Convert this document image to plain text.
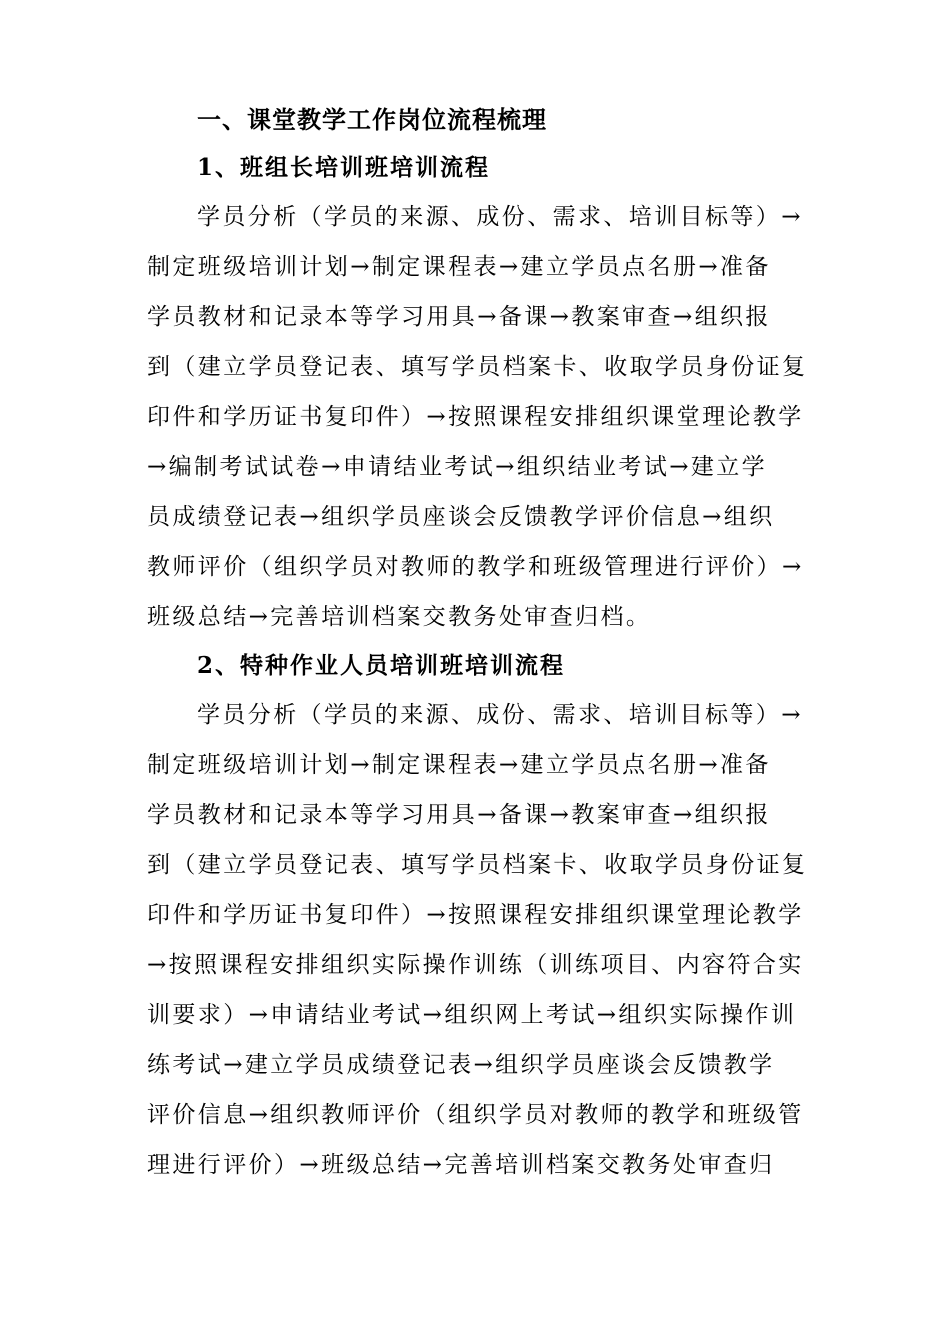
一、课堂教学工作岗位流程梳理
1、班组长培训班培训流程
学员分析（学员的来源、成份、需求、培训目标等）→
制定班级培训计划→制定课程表→建立学员点名册→准备
学员教材和记录本等学习用具→备课→教案审查→组织报
到（建立学员登记表、填写学员档案卡、收取学员身份证复
印件和学历证书复印件）→按照课程安排组织课堂理论教学
→编制考试试卷→申请结业考试→组织结业考试→建立学
员成绩登记表→组织学员座谈会反馈教学评价信息→组织
教师评价（组织学员对教师的教学和班级管理进行评价）→
班级总结→完善培训档案交教务处审查归档。
2、特种作业人员培训班培训流程
学员分析（学员的来源、成份、需求、培训目标等）→
制定班级培训计划→制定课程表→建立学员点名册→准备
学员教材和记录本等学习用具→备课→教案审查→组织报
到（建立学员登记表、填写学员档案卡、收取学员身份证复
印件和学历证书复印件）→按照课程安排组织课堂理论教学
→按照课程安排组织实际操作训练（训练项目、内容符合实
训要求）→申请结业考试→组织网上考试→组织实际操作训
练考试→建立学员成绩登记表→组织学员座谈会反馈教学
评价信息→组织教师评价（组织学员对教师的教学和班级管
理进行评价）→班级总结→完善培训档案交教务处审查归
